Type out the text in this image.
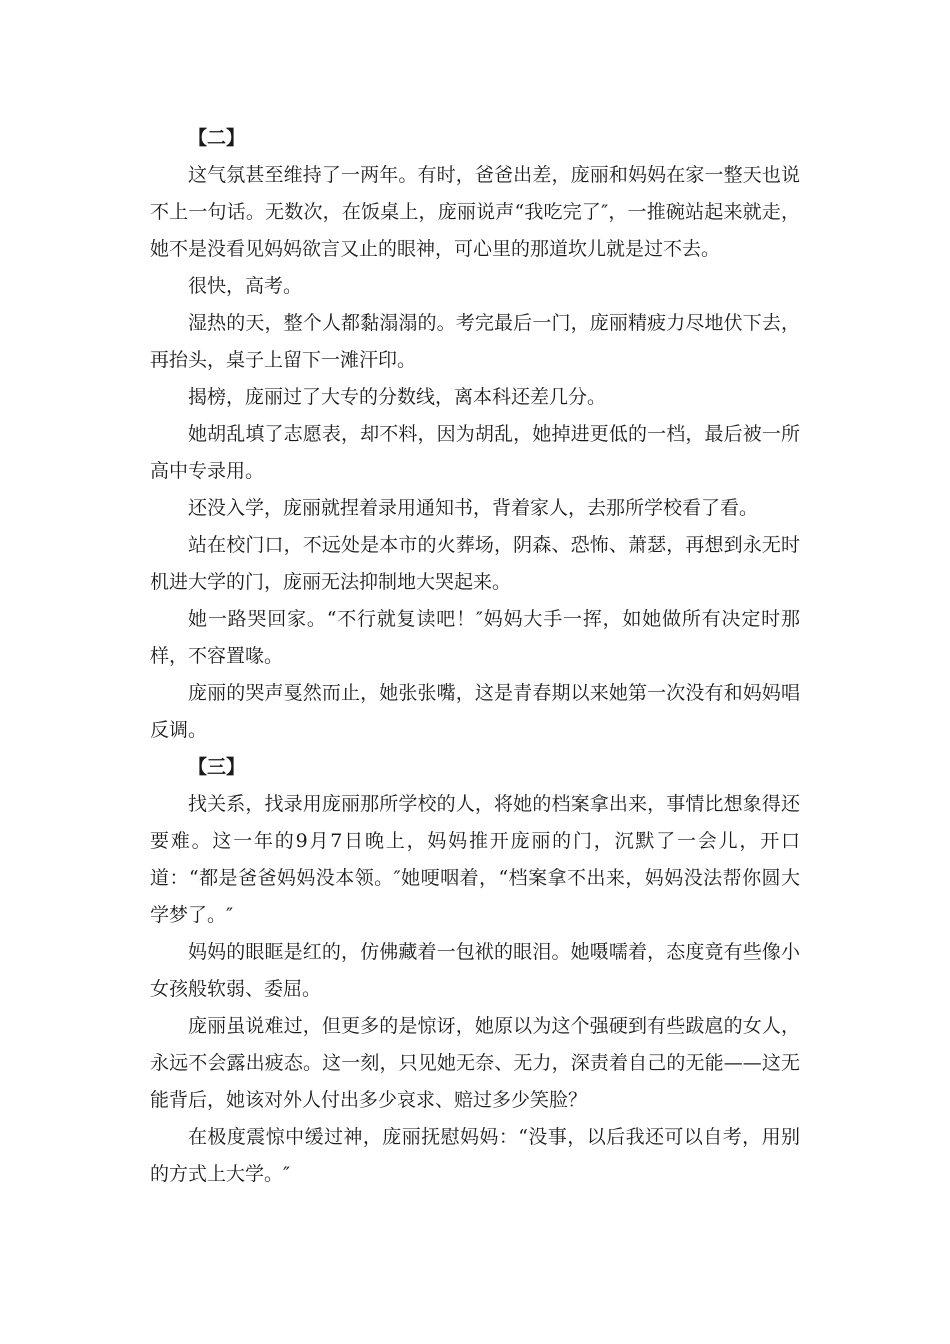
【二】

这气氛甚至维持了一两年。有时，爸爸出差，庞丽和妈妈在家一整天也说不上一句话。无数次，在饭桌上，庞丽说声“我吃完了″，一推碗站起来就走，她不是没看见妈妈欲言又止的眼神，可心里的那道坎儿就是过不去。

很快，高考。

湿热的天，整个人都黏溻溻的。考完最后一门，庞丽精疲力尽地伏下去，再抬头，桌子上留下一滩汗印。

揭榜，庞丽过了大专的分数线，离本科还差几分。

她胡乱填了志愿表，却不料，因为胡乱，她掉进更低的一档，最后被一所高中专录用。

还没入学，庞丽就捏着录用通知书，背着家人，去那所学校看了看。

站在校门口，不远处是本市的火葬场，阴森、恐怖、萧瑟，再想到永无时机进大学的门，庞丽无法抑制地大哭起来。

她一路哭回家。“不行就复读吧！″妈妈大手一挥，如她做所有决定时那样，不容置喙。

庞丽的哭声戛然而止，她张张嘴，这是青春期以来她第一次没有和妈妈唱反调。

【三】

找关系，找录用庞丽那所学校的人，将她的档案拿出来，事情比想象得还要难。这一年的9月7日晚上，妈妈推开庞丽的门，沉默了一会儿，开口道：“都是爸爸妈妈没本领。″她哽咽着，“档案拿不出来，妈妈没法帮你圆大学梦了。″

妈妈的眼眶是红的，仿佛藏着一包袱的眼泪。她嗫嚅着，态度竟有些像小女孩般软弱、委屈。

庞丽虽说难过，但更多的是惊讶，她原以为这个强硬到有些跋扈的女人，永远不会露出疲态。这一刻，只见她无奈、无力，深责着自己的无能——这无能背后，她该对外人付出多少哀求、赔过多少笑脸？

在极度震惊中缓过神，庞丽抚慰妈妈：“没事，以后我还可以自考，用别的方式上大学。″
